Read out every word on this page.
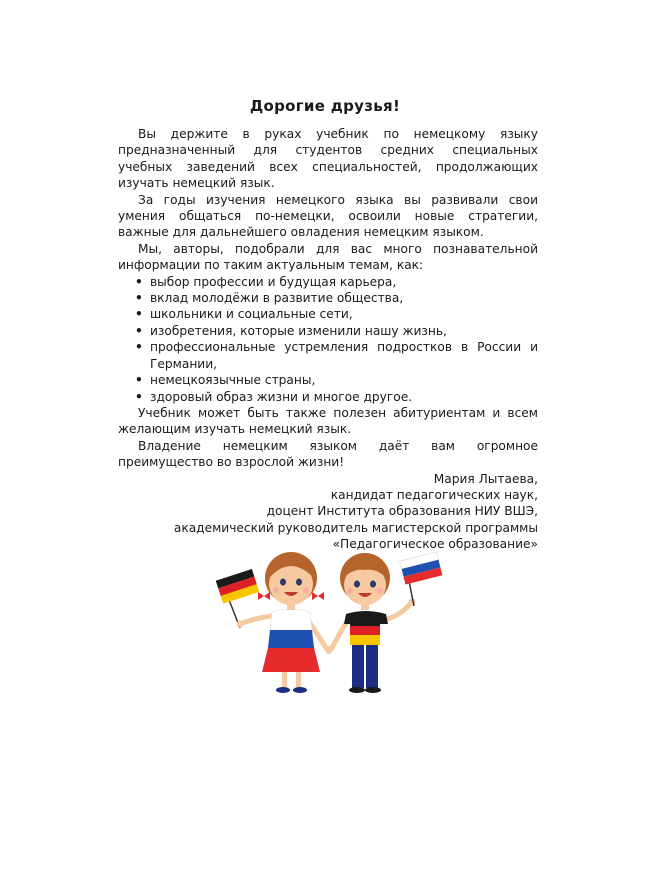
Дорогие друзья!

Вы держите в руках учебник по немецкому языку предназначенный для студентов средних специальных учебных заведений всех специальностей, продолжающих изучать немецкий язык.

За годы изучения немецкого языка вы развивали свои умения общаться по-немецки, освоили новые стратегии, важные для дальнейшего овладения немецким языком.

Мы, авторы, подобрали для вас много познавательной информации по таким актуальным темам, как:

• выбор профессии и будущая карьера,
• вклад молодёжи в развитие общества,
• школьники и социальные сети,
• изобретения, которые изменили нашу жизнь,
• профессиональные устремления подростков в России и Германии,
• немецкоязычные страны,
• здоровый образ жизни и многое другое.

Учебник может быть также полезен абитуриентам и всем желающим изучать немецкий язык.

Владение немецким языком даёт вам огромное преимущество во взрослой жизни!

Мария Лытаева,
кандидат педагогических наук,
доцент Института образования НИУ ВШЭ,
академический руководитель магистерской программы
«Педагогическое образование»
